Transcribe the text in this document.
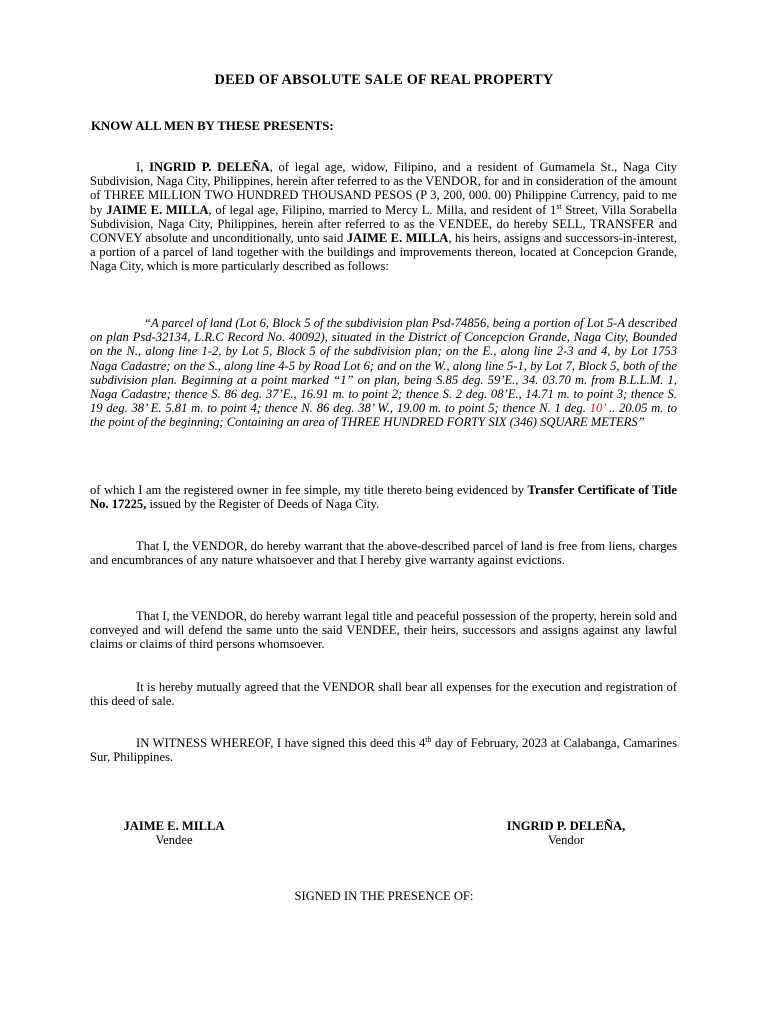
DEED OF ABSOLUTE SALE OF REAL PROPERTY
KNOW ALL MEN BY THESE PRESENTS:
I, INGRID P. DELEÑA, of legal age, widow, Filipino, and a resident of Gumamela St., Naga City Subdivision, Naga City, Philippines, herein after referred to as the VENDOR, for and in consideration of the amount of THREE MILLION TWO HUNDRED THOUSAND PESOS (P 3, 200, 000. 00) Philippine Currency, paid to me by JAIME E. MILLA, of legal age, Filipino, married to Mercy L. Milla, and resident of 1st Street, Villa Sorabella Subdivision, Naga City, Philippines, herein after referred to as the VENDEE, do hereby SELL, TRANSFER and CONVEY absolute and unconditionally, unto said JAIME E. MILLA, his heirs, assigns and successors-in-interest, a portion of a parcel of land together with the buildings and improvements thereon, located at Concepcion Grande, Naga City, which is more particularly described as follows:
“A parcel of land (Lot 6, Block 5 of the subdivision plan Psd-74856, being a portion of Lot 5-A described on plan Psd-32134, L.R.C Record No. 40092), situated in the District of Concepcion Grande, Naga City, Bounded on the N., along line 1-2, by Lot 5, Block 5 of the subdivision plan; on the E., along line 2-3 and 4, by Lot 1753 Naga Cadastre; on the S., along line 4-5 by Road Lot 6; and on the W., along line 5-1, by Lot 7, Block 5, both of the subdivision plan. Beginning at a point marked “1” on plan, being S.85 deg. 59’E., 34. 03.70 m. from B.L.L.M. 1, Naga Cadastre; thence S. 86 deg. 37’E., 16.91 m. to point 2; thence S. 2 deg. 08’E., 14.71 m. to point 3; thence S. 19 deg. 38’ E. 5.81 m. to point 4; thence N. 86 deg. 38’ W., 19.00 m. to point 5; thence N. 1 deg. 10’ .. 20.05 m. to the point of the beginning; Containing an area of THREE HUNDRED FORTY SIX (346) SQUARE METERS”
of which I am the registered owner in fee simple, my title thereto being evidenced by Transfer Certificate of Title No. 17225, issued by the Register of Deeds of Naga City.
That I, the VENDOR, do hereby warrant that the above-described parcel of land is free from liens, charges and encumbrances of any nature whatsoever and that I hereby give warranty against evictions.
That I, the VENDOR, do hereby warrant legal title and peaceful possession of the property, herein sold and conveyed and will defend the same unto the said VENDEE, their heirs, successors and assigns against any lawful claims or claims of third persons whomsoever.
It is hereby mutually agreed that the VENDOR shall bear all expenses for the execution and registration of this deed of sale.
IN WITNESS WHEREOF, I have signed this deed this 4th day of February, 2023 at Calabanga, Camarines Sur, Philippines.
JAIME E. MILLA
Vendee
INGRID P. DELEÑA,
Vendor
SIGNED IN THE PRESENCE OF:
